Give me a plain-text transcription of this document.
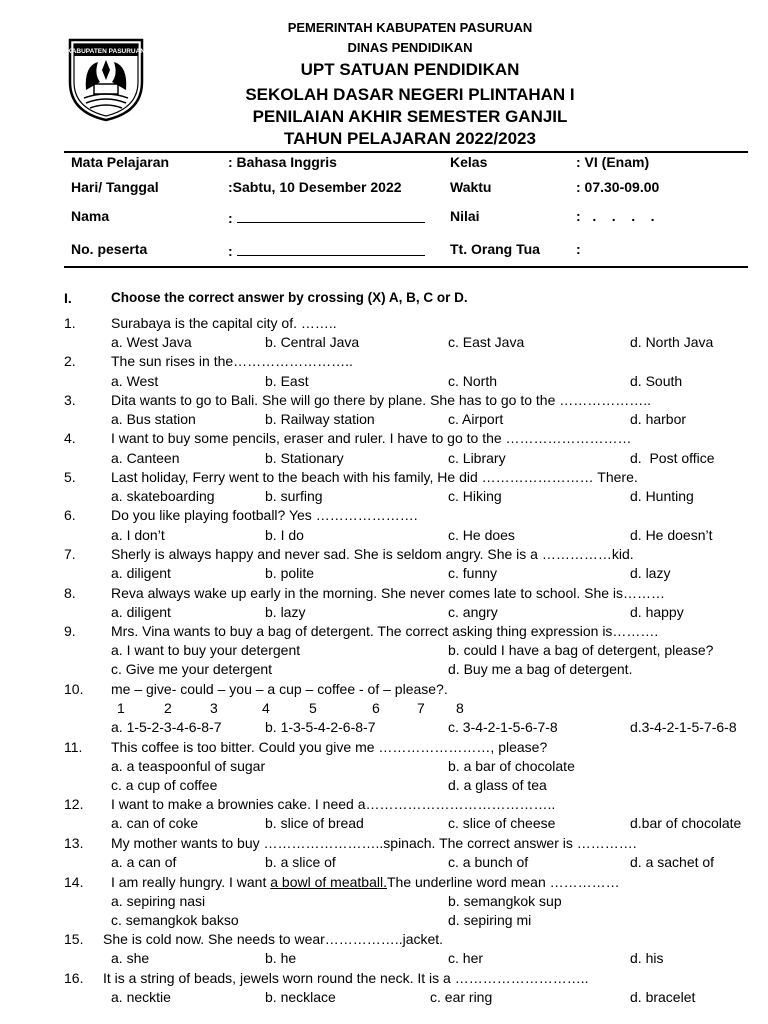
KABUPATEN PASURUAN
PEMERINTAH KABUPATEN PASURUAN
DINAS PENDIDIKAN
UPT SATUAN PENDIDIKAN
SEKOLAH DASAR NEGERI PLINTAHAN I
PENILAIAN AKHIR SEMESTER GANJIL
TAHUN PELAJARAN 2022/2023
Mata Pelajaran	: Bahasa Inggris	Kelas	: VI (Enam)
Hari/ Tanggal	:Sabtu, 10 Desember 2022	Waktu	: 07.30-09.00
Nama	:	Nilai	:   .    .    .    .
No. peserta	:	Tt. Orang Tua	:
I.	Choose the correct answer by crossing (X) A, B, C or D.
1.	Surabaya is the capital city of. ……..
a. West Java	b. Central Java	c. East Java	d. North Java
2.	The sun rises in the……………………..
a. West	b. East	c. North	d. South
3.	Dita wants to go to Bali. She will go there by plane. She has to go to the ………………..
a. Bus station	b. Railway station	c. Airport	d. harbor
4.	I want to buy some pencils, eraser and ruler. I have to go to the ………………………
a. Canteen	b. Stationary	c. Library	d.  Post office
5.	Last holiday, Ferry went to the beach with his family, He did …………………… There.
a. skateboarding	b. surfing	c. Hiking	d. Hunting
6.	Do you like playing football? Yes ………………….
a. I don’t	b. I do	c. He does	d. He doesn’t
7.	Sherly is always happy and never sad. She is seldom angry. She is a ……………kid.
a. diligent	b. polite	c. funny	d. lazy
8.	Reva always wake up early in the morning. She never comes late to school. She is………
a. diligent	b. lazy	c. angry	d. happy
9.	Mrs. Vina wants to buy a bag of detergent. The correct asking thing expression is……….
a. I want to buy your detergent	b. could I have a bag of detergent, please?
c. Give me your detergent	d. Buy me a bag of detergent.
10. me – give- could – you – a cup – coffee - of – please?.
1	2	3	4	5	6	7 8
a. 1-5-2-3-4-6-8-7	b. 1-3-5-4-2-6-8-7	c. 3-4-2-1-5-6-7-8	d.3-4-2-1-5-7-6-8
11. This coffee is too bitter. Could you give me ……………………, please?
a. a teaspoonful of sugar	b. a bar of chocolate
c. a cup of coffee	d. a glass of tea
12. I want to make a brownies cake. I need a…………………………………..
a. can of coke	b. slice of bread	c. slice of cheese	d.bar of chocolate
13. My mother wants to buy ……………………..spinach. The correct answer is ………….
a. a can of	b. a slice of	c. a bunch of	d. a sachet of
14. I am really hungry. I want a bowl of meatball.The underline word mean ……………
a. sepiring nasi	b. semangkok sup
c. semangkok bakso	d. sepiring mi
15. She is cold now. She needs to wear……………..jacket.
a. she	b. he	c. her	d. his
16. It is a string of beads, jewels worn round the neck. It is a ………………………..
a. necktie	b. necklace	c. ear ring	d. bracelet
